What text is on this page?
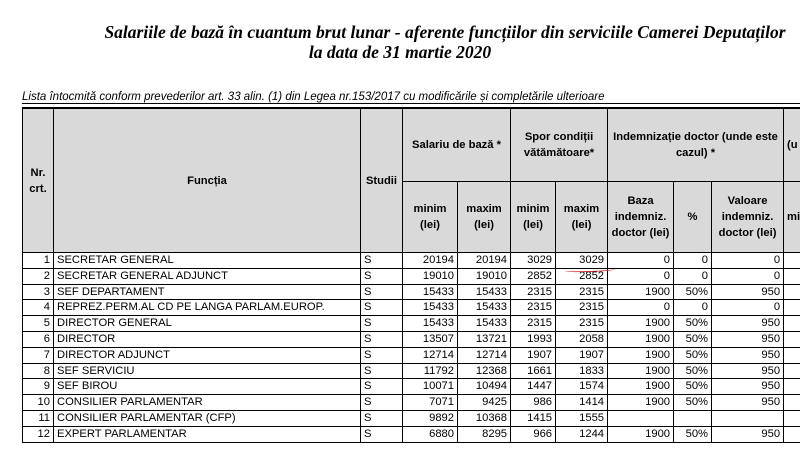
Salariile de bază în cuantum brut lunar - aferente funcțiilor din serviciile Camerei Deputaților
la data de 31 martie 2020
Lista întocmită conform prevederilor art. 33 alin. (1) din Legea nr.153/2017 cu modificările și completările ulterioare
Nr. crt.	Funcția	Studii	Salariu de bază *		Spor condiții vătămătoare*		Indemnizație doctor (unde este cazul) *			(u
			minim (lei)	maxim (lei)	minim (lei)	maxim (lei)	Baza indemniz. doctor (lei)	%	Valoare indemniz. doctor (lei)	mi
1	SECRETAR GENERAL	S	20194	20194	3029	3029	0	0	0	
2	SECRETAR GENERAL ADJUNCT	S	19010	19010	2852	2852	0	0	0	
3	SEF DEPARTAMENT	S	15433	15433	2315	2315	1900	50%	950	
4	REPREZ.PERM.AL CD PE LANGA PARLAM.EUROP.	S	15433	15433	2315	2315	0	0	0	
5	DIRECTOR GENERAL	S	15433	15433	2315	2315	1900	50%	950	
6	DIRECTOR	S	13507	13721	1993	2058	1900	50%	950	
7	DIRECTOR ADJUNCT	S	12714	12714	1907	1907	1900	50%	950	
8	SEF SERVICIU	S	11792	12368	1661	1833	1900	50%	950	
9	SEF BIROU	S	10071	10494	1447	1574	1900	50%	950	
10	CONSILIER PARLAMENTAR	S	7071	9425	986	1414	1900	50%	950	
11	CONSILIER PARLAMENTAR (CFP)	S	9892	10368	1415	1555				
12	EXPERT PARLAMENTAR	S	6880	8295	966	1244	1900	50%	950	
